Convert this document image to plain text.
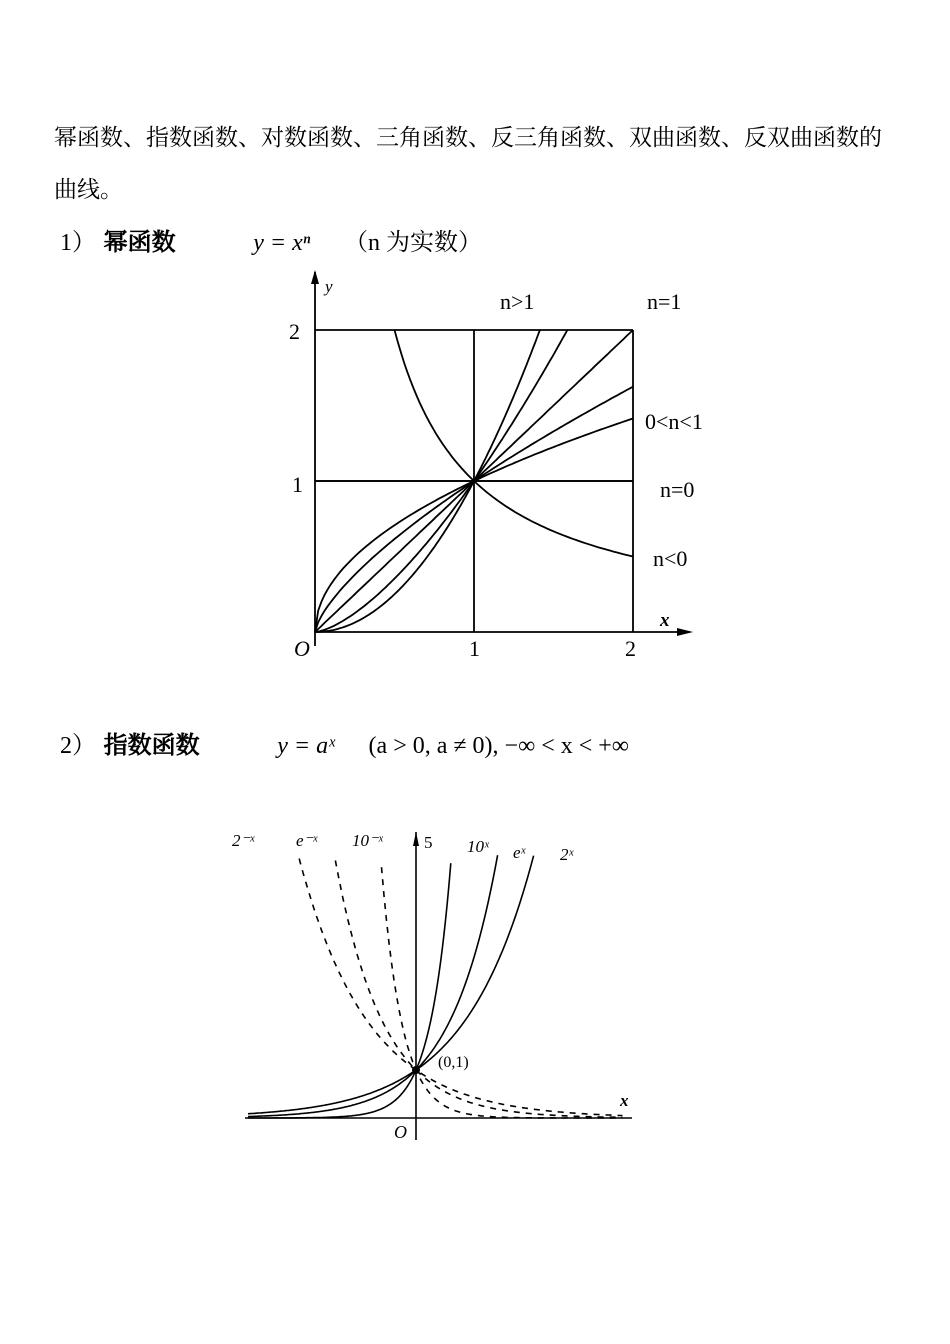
幂函数、指数函数、对数函数、三角函数、反三角函数、双曲函数、反双曲函数的曲线。
1） 幂函数	y = xⁿ （n 为实数）
n>1	n=1
0<n<1
n=0
n<0
y
x
2
1
O	1	2
2） 指数函数	y = aˣ (a > 0, a ≠ 0), −∞ < x < +∞
(0,1)
2⁻ˣ e⁻ˣ 10⁻ˣ	10ˣ eˣ 2ˣ
5
O
x
